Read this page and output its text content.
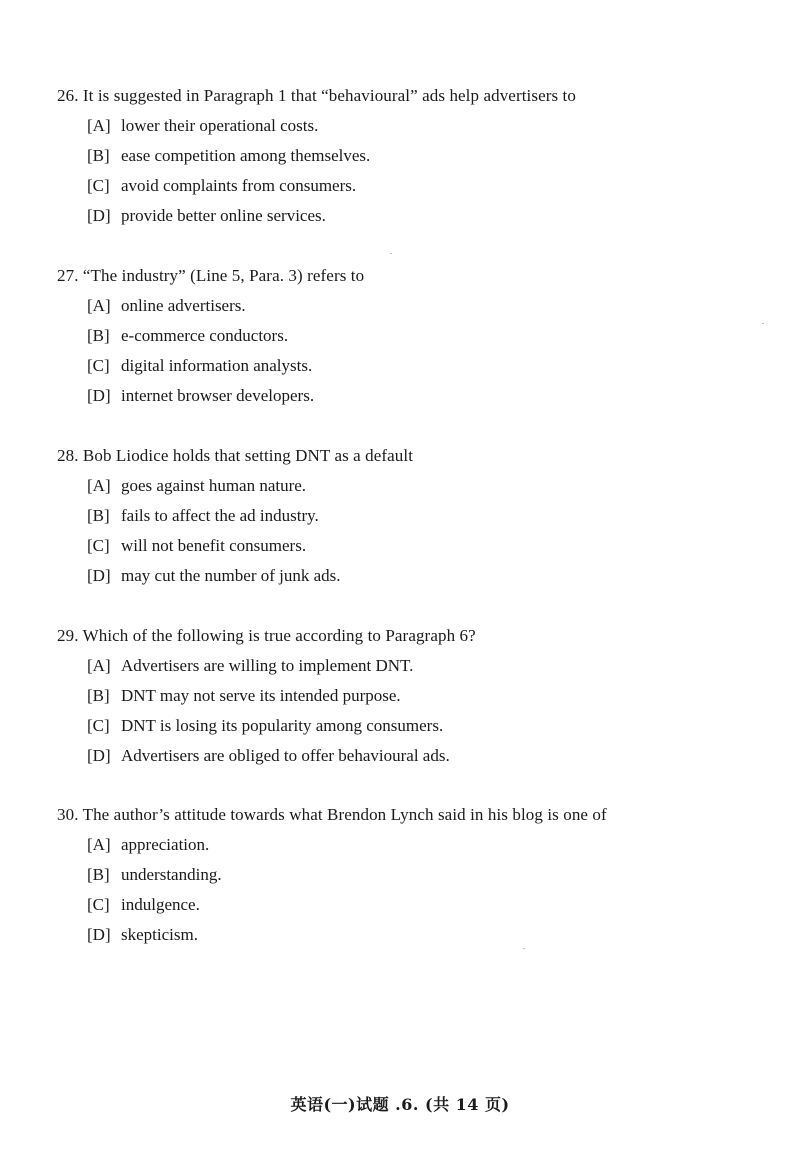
26. It is suggested in Paragraph 1 that “behavioural” ads help advertisers to
[A] lower their operational costs.
[B] ease competition among themselves.
[C] avoid complaints from consumers.
[D] provide better online services.
27. “The industry” (Line 5, Para. 3) refers to
[A] online advertisers.
[B] e-commerce conductors.
[C] digital information analysts.
[D] internet browser developers.
28. Bob Liodice holds that setting DNT as a default
[A] goes against human nature.
[B] fails to affect the ad industry.
[C] will not benefit consumers.
[D] may cut the number of junk ads.
29. Which of the following is true according to Paragraph 6?
[A] Advertisers are willing to implement DNT.
[B] DNT may not serve its intended purpose.
[C] DNT is losing its popularity among consumers.
[D] Advertisers are obliged to offer behavioural ads.
30. The author’s attitude towards what Brendon Lynch said in his blog is one of
[A] appreciation.
[B] understanding.
[C] indulgence.
[D] skepticism.
英语(一)试题 .6. (共 14 页)
